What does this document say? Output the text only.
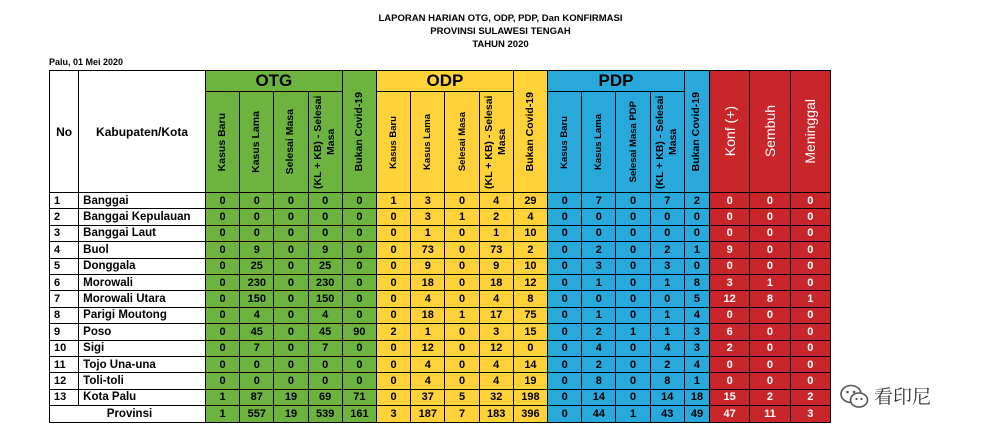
LAPORAN HARIAN OTG, ODP, PDP, Dan KONFIRMASI
PROVINSI SULAWESI TENGAH
TAHUN 2020
Palu, 01 Mei 2020
No	Kabupaten/Kota	OTG				Bukan Covid-19	ODP				Bukan Covid-19	PDP				Bukan Covid-19	Konf (+)	Sembuh	Meninggal

		Kasus Baru	Kasus Lama	Selesai Masa	(KL + KB) - Selesai Masa		Kasus Baru	Kasus Lama	Selesai Masa	(KL + KB) - Selesai Masa		Kasus Baru	Kasus Lama	Selesai Masa PDP	(KL + KB) - Selesai Masa				

1	Banggai	0	0	0	0	0	1	3	0	4	29	0	7	0	7	2	0	0	0
2	Banggai Kepulauan	0	0	0	0	0	0	3	1	2	4	0	0	0	0	0	0	0	0
3	Banggai Laut	0	0	0	0	0	0	1	0	1	10	0	0	0	0	0	0	0	0
4	Buol	0	9	0	9	0	0	73	0	73	2	0	2	0	2	1	9	0	0
5	Donggala	0	25	0	25	0	0	9	0	9	10	0	3	0	3	0	0	0	0
6	Morowali	0	230	0	230	0	0	18	0	18	12	0	1	0	1	8	3	1	0
7	Morowali Utara	0	150	0	150	0	0	4	0	4	8	0	0	0	0	5	12	8	1
8	Parigi Moutong	0	4	0	4	0	0	18	1	17	75	0	1	0	1	4	0	0	0
9	Poso	0	45	0	45	90	2	1	0	3	15	0	2	1	1	3	6	0	0
10	Sigi	0	7	0	7	0	0	12	0	12	0	0	4	0	4	3	2	0	0
11	Tojo Una-una	0	0	0	0	0	0	4	0	4	14	0	2	0	2	4	0	0	0
12	Toli-toli	0	0	0	0	0	0	4	0	4	19	0	8	0	8	1	0	0	0
13	Kota Palu	1	87	19	69	71	0	37	5	32	198	0	14	0	14	18	15	2	2
Provinsi		1	557	19	539	161	3	187	7	183	396	0	44	1	43	49	47	11	3
看印尼
